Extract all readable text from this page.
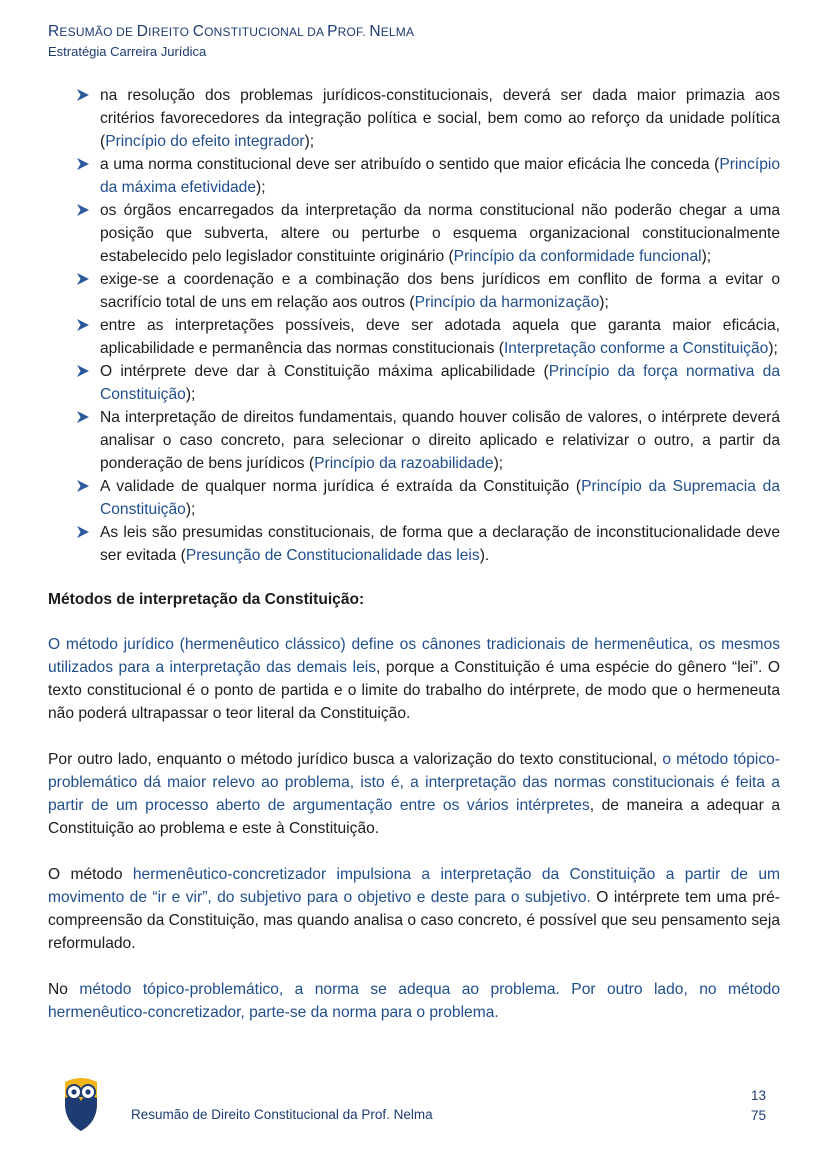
RESUMÃO DE DIREITO CONSTITUCIONAL DA PROF. NELMA
Estratégia Carreira Jurídica
na resolução dos problemas jurídicos-constitucionais, deverá ser dada maior primazia aos critérios favorecedores da integração política e social, bem como ao reforço da unidade política (Princípio do efeito integrador);
a uma norma constitucional deve ser atribuído o sentido que maior eficácia lhe conceda (Princípio da máxima efetividade);
os órgãos encarregados da interpretação da norma constitucional não poderão chegar a uma posição que subverta, altere ou perturbe o esquema organizacional constitucionalmente estabelecido pelo legislador constituinte originário (Princípio da conformidade funcional);
exige-se a coordenação e a combinação dos bens jurídicos em conflito de forma a evitar o sacrifício total de uns em relação aos outros (Princípio da harmonização);
entre as interpretações possíveis, deve ser adotada aquela que garanta maior eficácia, aplicabilidade e permanência das normas constitucionais (Interpretação conforme a Constituição);
O intérprete deve dar à Constituição máxima aplicabilidade (Princípio da força normativa da Constituição);
Na interpretação de direitos fundamentais, quando houver colisão de valores, o intérprete deverá analisar o caso concreto, para selecionar o direito aplicado e relativizar o outro, a partir da ponderação de bens jurídicos (Princípio da razoabilidade);
A validade de qualquer norma jurídica é extraída da Constituição (Princípio da Supremacia da Constituição);
As leis são presumidas constitucionais, de forma que a declaração de inconstitucionalidade deve ser evitada (Presunção de Constitucionalidade das leis).
Métodos de interpretação da Constituição:

O método jurídico (hermenêutico clássico) define os cânones tradicionais de hermenêutica, os mesmos utilizados para a interpretação das demais leis, porque a Constituição é uma espécie do gênero “lei”. O texto constitucional é o ponto de partida e o limite do trabalho do intérprete, de modo que o hermeneuta não poderá ultrapassar o teor literal da Constituição.

Por outro lado, enquanto o método jurídico busca a valorização do texto constitucional, o método tópico-problemático dá maior relevo ao problema, isto é, a interpretação das normas constitucionais é feita a partir de um processo aberto de argumentação entre os vários intérpretes, de maneira a adequar a Constituição ao problema e este à Constituição.

O método hermenêutico-concretizador impulsiona a interpretação da Constituição a partir de um movimento de “ir e vir”, do subjetivo para o objetivo e deste para o subjetivo. O intérprete tem uma pré-compreensão da Constituição, mas quando analisa o caso concreto, é possível que seu pensamento seja reformulado.

No método tópico-problemático, a norma se adequa ao problema. Por outro lado, no método hermenêutico-concretizador, parte-se da norma para o problema.

Resumão de Direito Constitucional da Prof. Nelma
13
75
